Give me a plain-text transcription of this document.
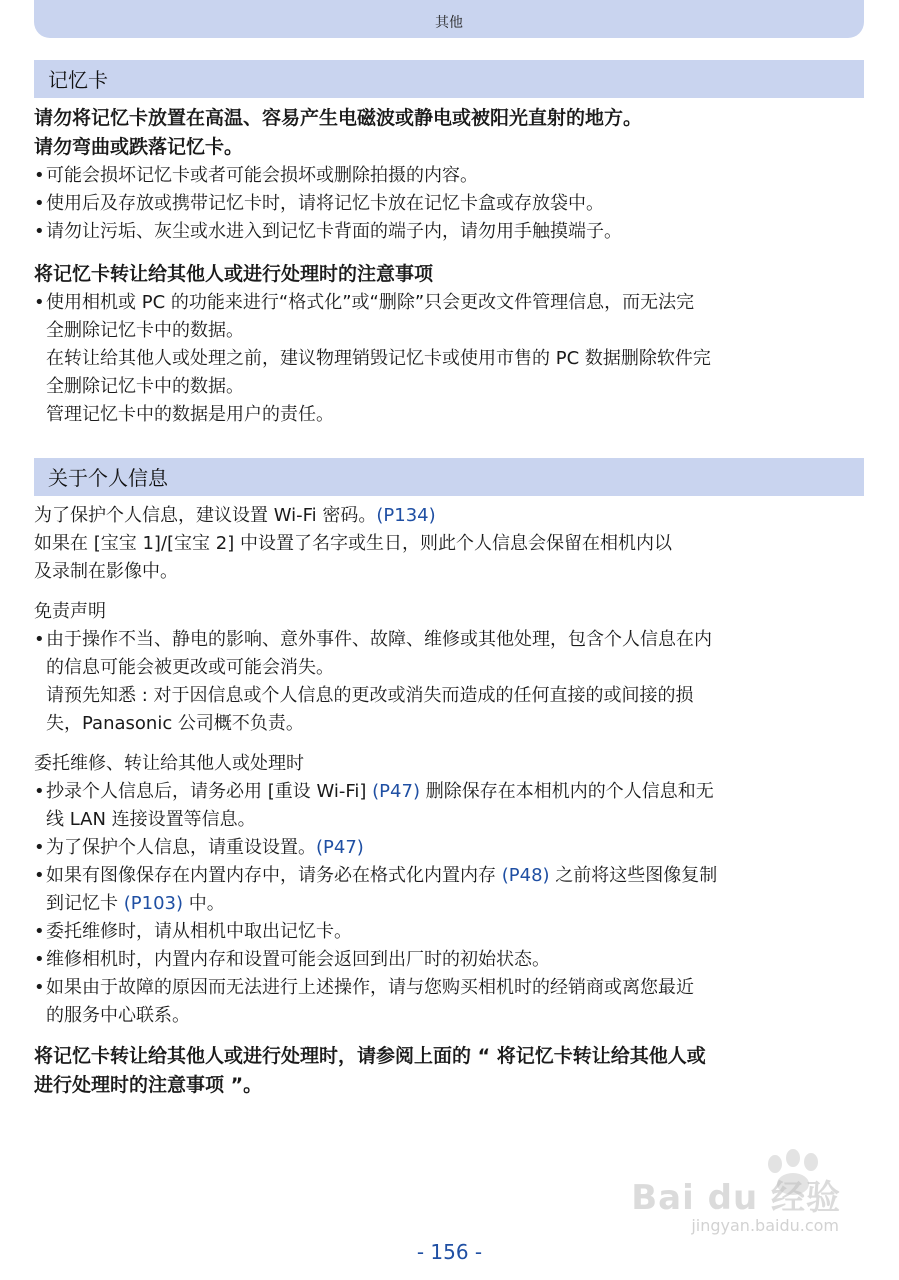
其他
记忆卡

请勿将记忆卡放置在高温、容易产生电磁波或静电或被阳光直射的地方。

请勿弯曲或跌落记忆卡。

• 可能会损坏记忆卡或者可能会损坏或删除拍摄的内容。

• 使用后及存放或携带记忆卡时，请将记忆卡放在记忆卡盒或存放袋中。

• 请勿让污垢、灰尘或水进入到记忆卡背面的端子内，请勿用手触摸端子。

将记忆卡转让给其他人或进行处理时的注意事项

• 使用相机或 PC 的功能来进行“格式化”或“删除”只会更改文件管理信息，而无法完

全删除记忆卡中的数据。

在转让给其他人或处理之前，建议物理销毁记忆卡或使用市售的 PC 数据删除软件完

全删除记忆卡中的数据。

管理记忆卡中的数据是用户的责任。

关于个人信息

为了保护个人信息，建议设置 Wi-Fi 密码。(P134)

如果在 [宝宝 1]/[宝宝 2] 中设置了名字或生日，则此个人信息会保留在相机内以

及录制在影像中。

免责声明

• 由于操作不当、静电的影响、意外事件、故障、维修或其他处理，包含个人信息在内

的信息可能会被更改或可能会消失。

请预先知悉 : 对于因信息或个人信息的更改或消失而造成的任何直接的或间接的损

失，Panasonic 公司概不负责。

委托维修、转让给其他人或处理时

• 抄录个人信息后，请务必用 [重设 Wi-Fi] (P47) 删除保存在本相机内的个人信息和无

线 LAN 连接设置等信息。

• 为了保护个人信息，请重设设置。(P47)

• 如果有图像保存在内置内存中，请务必在格式化内置内存 (P48) 之前将这些图像复制

到记忆卡 (P103) 中。

• 委托维修时，请从相机中取出记忆卡。

• 维修相机时，内置内存和设置可能会返回到出厂时的初始状态。

• 如果由于故障的原因而无法进行上述操作，请与您购买相机时的经销商或离您最近

的服务中心联系。

将记忆卡转让给其他人或进行处理时，请参阅上面的 “ 将记忆卡转让给其他人或

进行处理时的注意事项 ”。

Bai du 经验
jingyan.baidu.com
- 156 -
